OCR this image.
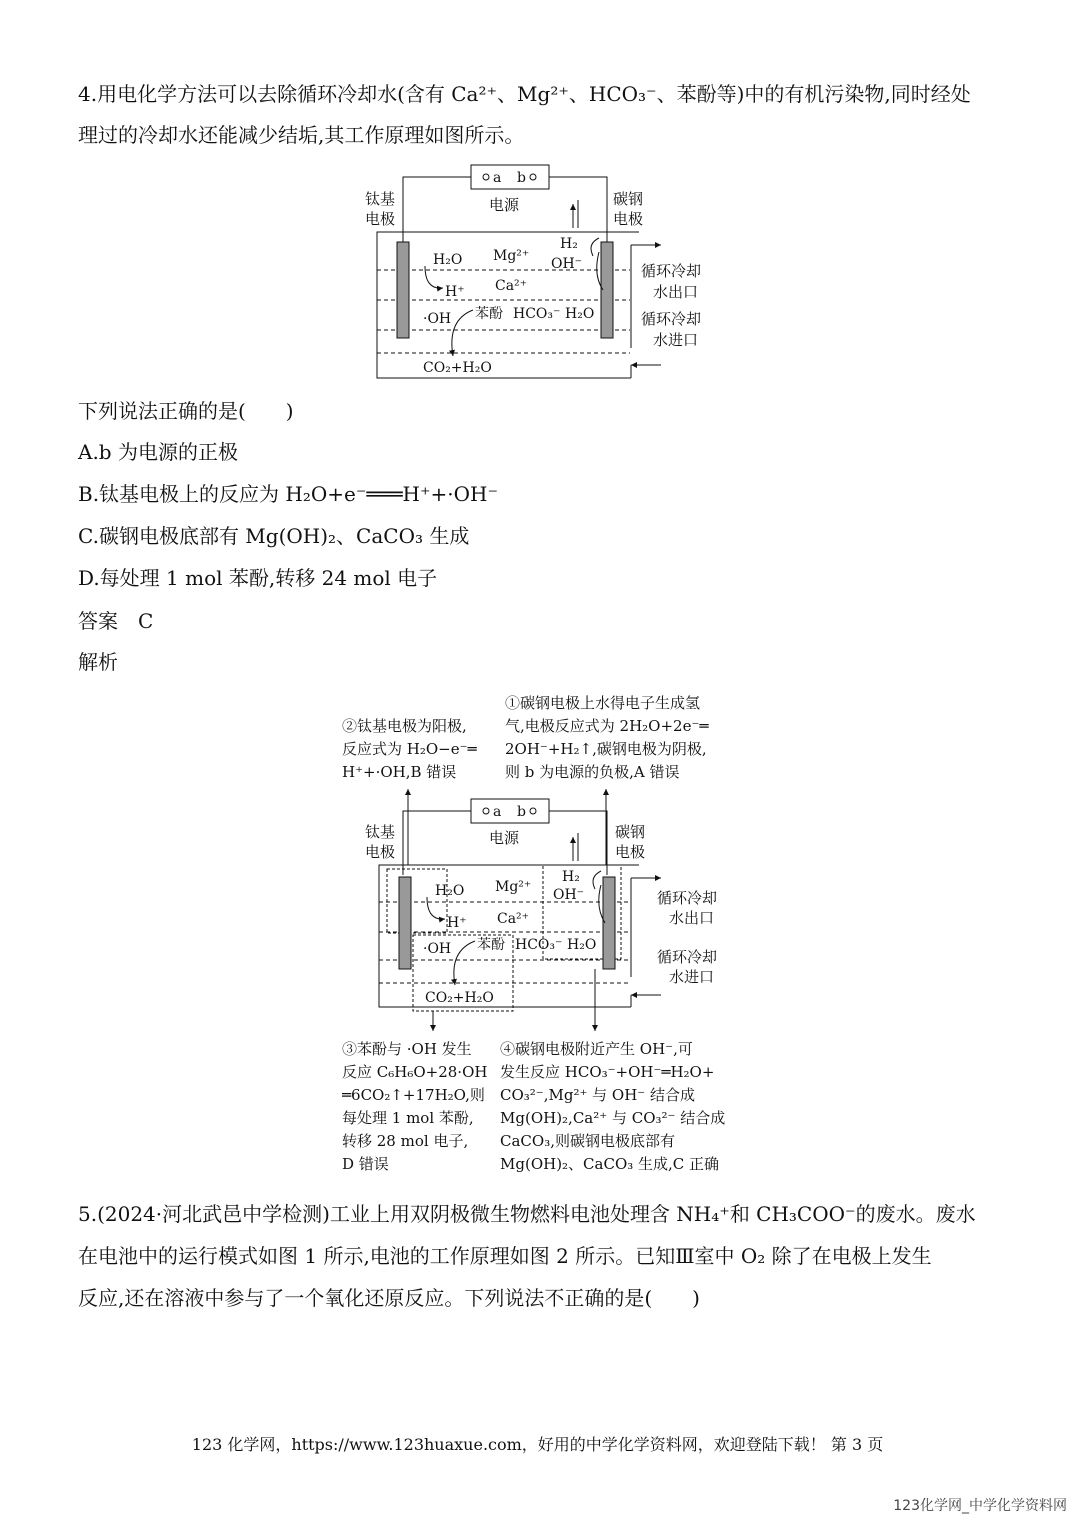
4.用电化学方法可以去除循环冷却水(含有 Ca²⁺、Mg²⁺、HCO₃⁻、苯酚等)中的有机污染物,同时经处
理过的冷却水还能减少结垢,其工作原理如图所示。
a b
电源
钛基
电极
碳钢
电极
H₂O
H⁺
·OH
Mg²⁺
Ca²⁺
H₂
OH⁻
苯酚 HCO₃⁻ H₂O
CO₂+H₂O
循环冷却
水出口
循环冷却
水进口
下列说法正确的是(　　)
A.b 为电源的正极
B.钛基电极上的反应为 H₂O+e⁻═══H⁺+·OH⁻
C.碳钢电极底部有 Mg(OH)₂、CaCO₃ 生成
D.每处理 1 mol 苯酚,转移 24 mol 电子
答案　C
解析
②钛基电极为阳极,
反应式为 H₂O−e⁻═
H⁺+·OH,B 错误
①碳钢电极上水得电子生成氢
气,电极反应式为 2H₂O+2e⁻═
2OH⁻+H₂↑,碳钢电极为阴极,
则 b 为电源的负极,A 错误
a b
电源
钛基
电极
碳钢
电极
H₂O
H⁺
·OH
Mg²⁺
Ca²⁺
H₂
OH⁻
苯酚 HCO₃⁻ H₂O
CO₂+H₂O
循环冷却
水出口
循环冷却
水进口
③苯酚与 ·OH 发生
反应 C₆H₆O+28·OH
═6CO₂↑+17H₂O,则
每处理 1 mol 苯酚,
转移 28 mol 电子,
D 错误
④碳钢电极附近产生 OH⁻,可
发生反应 HCO₃⁻+OH⁻═H₂O+
CO₃²⁻,Mg²⁺ 与 OH⁻ 结合成
Mg(OH)₂,Ca²⁺ 与 CO₃²⁻ 结合成
CaCO₃,则碳钢电极底部有
Mg(OH)₂、CaCO₃ 生成,C 正确
5.(2024·河北武邑中学检测)工业上用双阴极微生物燃料电池处理含 NH₄⁺和 CH₃COO⁻的废水。废水
在电池中的运行模式如图 1 所示,电池的工作原理如图 2 所示。已知Ⅲ室中 O₂ 除了在电极上发生
反应,还在溶液中参与了一个氧化还原反应。下列说法不正确的是(　　)
123 化学网，https://www.123huaxue.com，好用的中学化学资料网，欢迎登陆下载！ 第 3 页
123化学网_中学化学资料网
